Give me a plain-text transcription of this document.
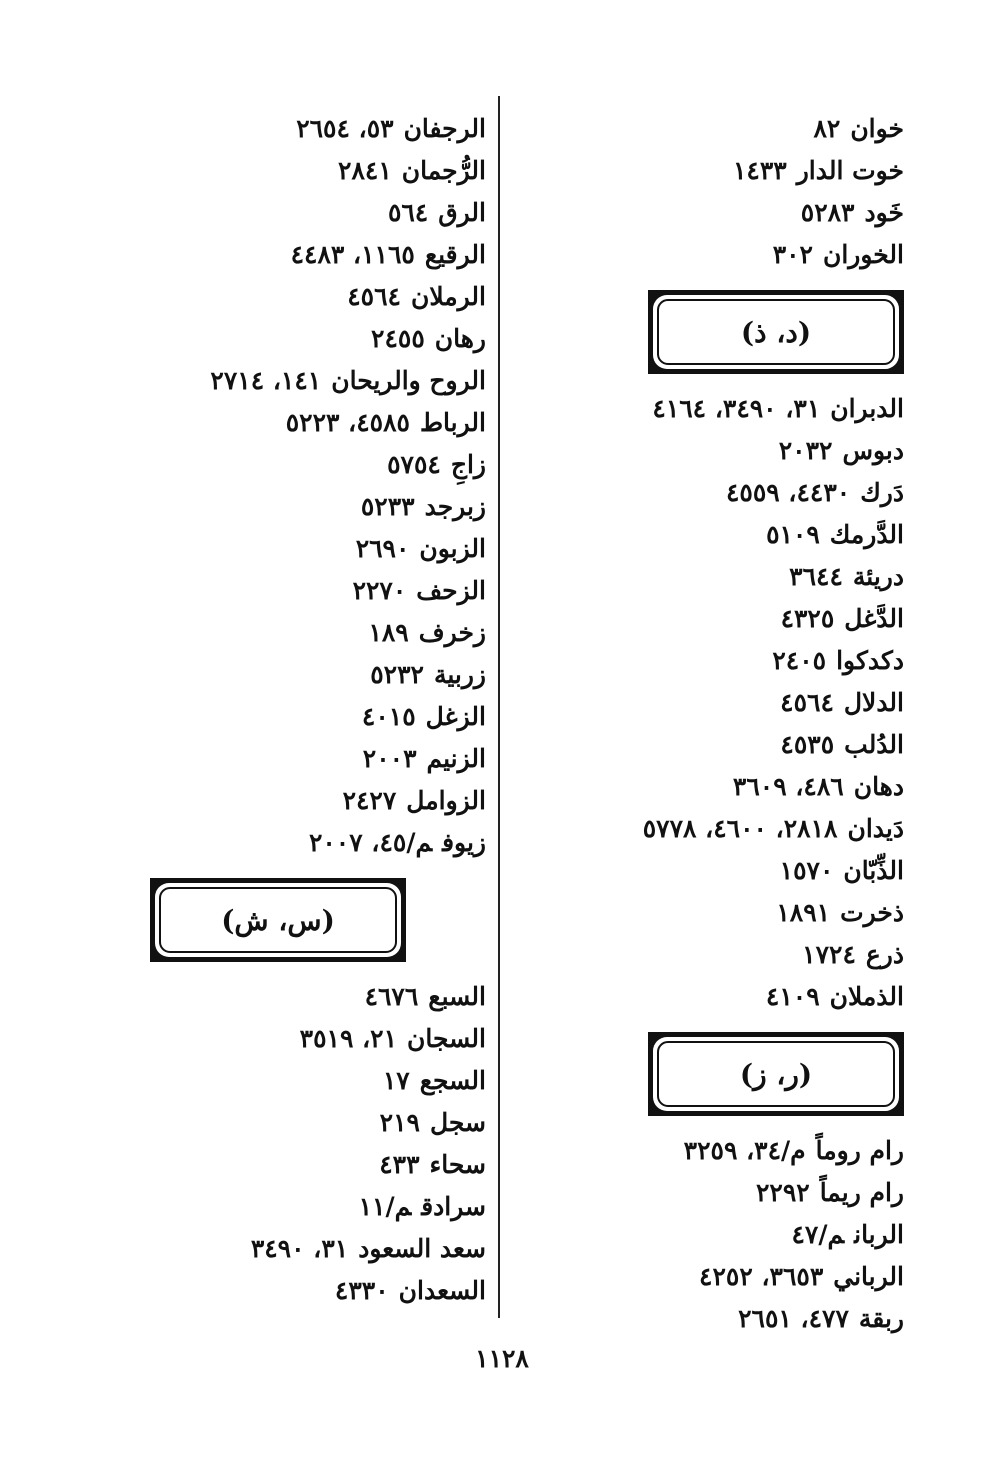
خوان٨٢
خوت الدار١٤٣٣
خَود٥٢٨٣
الخوران٣٠٢
(د، ذ)
الدبران٣١، ٣٤٩٠، ٤١٦٤
دبوس٢٠٣٢
دَرك٤٤٣٠، ٤٥٥٩
الدَّرمك٥١٠٩
دريئة٣٦٤٤
الدَّغل٤٣٢٥
دكدكوا٢٤٠٥
الدلال٤٥٦٤
الدُلب٤٥٣٥
دهان٤٨٦، ٣٦٠٩
دَيدان٢٨١٨، ٤٦٠٠، ٥٧٧٨
الذِّبّان١٥٧٠
ذخرت١٨٩١
ذرع١٧٢٤
الذملان٤١٠٩
(ر، ز)
رام روماًم/٣٤، ٣٢٥٩
رام ريماً٢٢٩٢
الربانم/٤٧
الرباني٣٦٥٣، ٤٢٥٢
ربقة٤٧٧، ٢٦٥١
الرجفان٥٣، ٢٦٥٤
الرُّجمان٢٨٤١
الرق٥٦٤
الرقيع١١٦٥، ٤٤٨٣
الرملان٤٥٦٤
رهان٢٤٥٥
الروح والريحان١٤١، ٢٧١٤
الرباط٤٥٨٥، ٥٢٢٣
زاجِ٥٧٥٤
زبرجد٥٢٣٣
الزبون٢٦٩٠
الزحف٢٢٧٠
زخرف١٨٩
زربية٥٢٣٢
الزغل٤٠١٥
الزنيم٢٠٠٣
الزوامل٢٤٢٧
زيوفم/٤٥، ٢٠٠٧
(س، ش)
السبع٤٦٧٦
السجان٢١، ٣٥١٩
السجع١٧
سجل٢١٩
سحاء٤٣٣
سرادقم/١١
سعد السعود٣١، ٣٤٩٠
السعدان٤٣٣٠
١١٢٨
